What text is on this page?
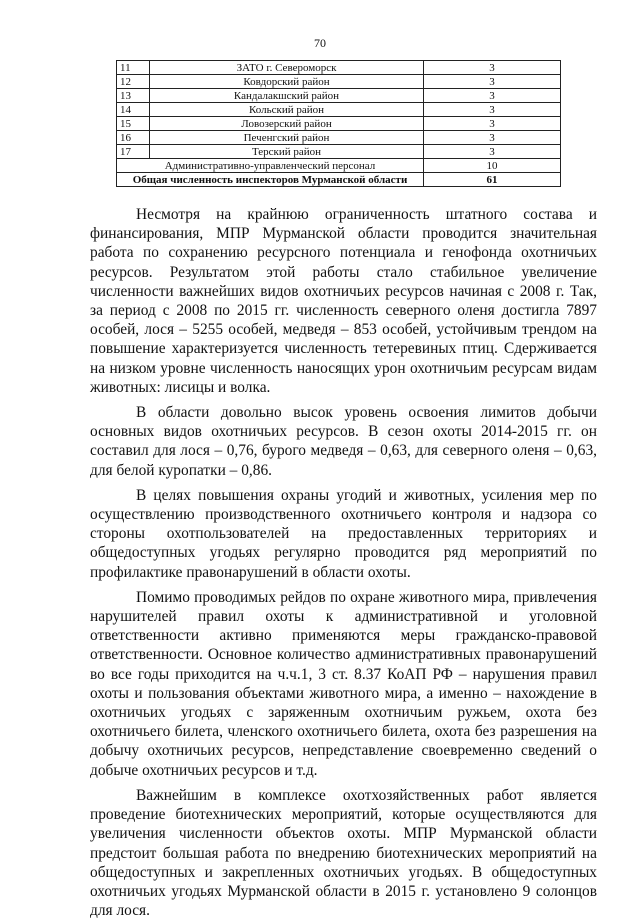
70
11	ЗАТО г. Североморск	3
12	Ковдорский район	3
13	Кандалакшский район	3
14	Кольский район	3
15	Ловозерский район	3
16	Печенгский район	3
17	Терский район	3
Административно-управленческий персонал		10
Общая численность инспекторов Мурманской области		61

Несмотря на крайнюю ограниченность штатного состава и финансирования, МПР Мурманской области проводится значительная работа по сохранению ресурсного потенциала и генофонда охотничьих ресурсов. Результатом этой работы стало стабильное увеличение численности важнейших видов охотничьих ресурсов начиная с 2008 г. Так, за период с 2008 по 2015 гг. численность северного оленя достигла 7897 особей, лося – 5255 особей, медведя – 853 особей, устойчивым трендом на повышение характеризуется численность тетеревиных птиц. Сдерживается на низком уровне численность наносящих урон охотничьим ресурсам видам животных: лисицы и волка.

В области довольно высок уровень освоения лимитов добычи основных видов охотничьих ресурсов. В сезон охоты 2014-2015 гг. он составил для лося – 0,76, бурого медведя – 0,63, для северного оленя – 0,63, для белой куропатки – 0,86.

В целях повышения охраны угодий и животных, усиления мер по осуществлению производственного охотничьего контроля и надзора со стороны охотпользователей на предоставленных территориях и общедоступных угодьях регулярно проводится ряд мероприятий по профилактике правонарушений в области охоты.

Помимо проводимых рейдов по охране животного мира, привлечения нарушителей правил охоты к административной и уголовной ответственности активно применяются меры гражданско-правовой ответственности. Основное количество административных правонарушений во все годы приходится на ч.ч.1, 3 ст. 8.37 КоАП РФ – нарушения правил охоты и пользования объектами животного мира, а именно – нахождение в охотничьих угодьях с заряженным охотничьим ружьем, охота без охотничьего билета, членского охотничьего билета, охота без разрешения на добычу охотничьих ресурсов, непредставление своевременно сведений о добыче охотничьих ресурсов и т.д.

Важнейшим в комплексе охотхозяйственных работ является проведение биотехнических мероприятий, которые осуществляются для увеличения численности объектов охоты. МПР Мурманской области предстоит большая работа по внедрению биотехнических мероприятий на общедоступных и закрепленных охотничьих угодьях. В общедоступных охотничьих угодьях Мурманской области в 2015 г. установлено 9 солонцов для лося.
